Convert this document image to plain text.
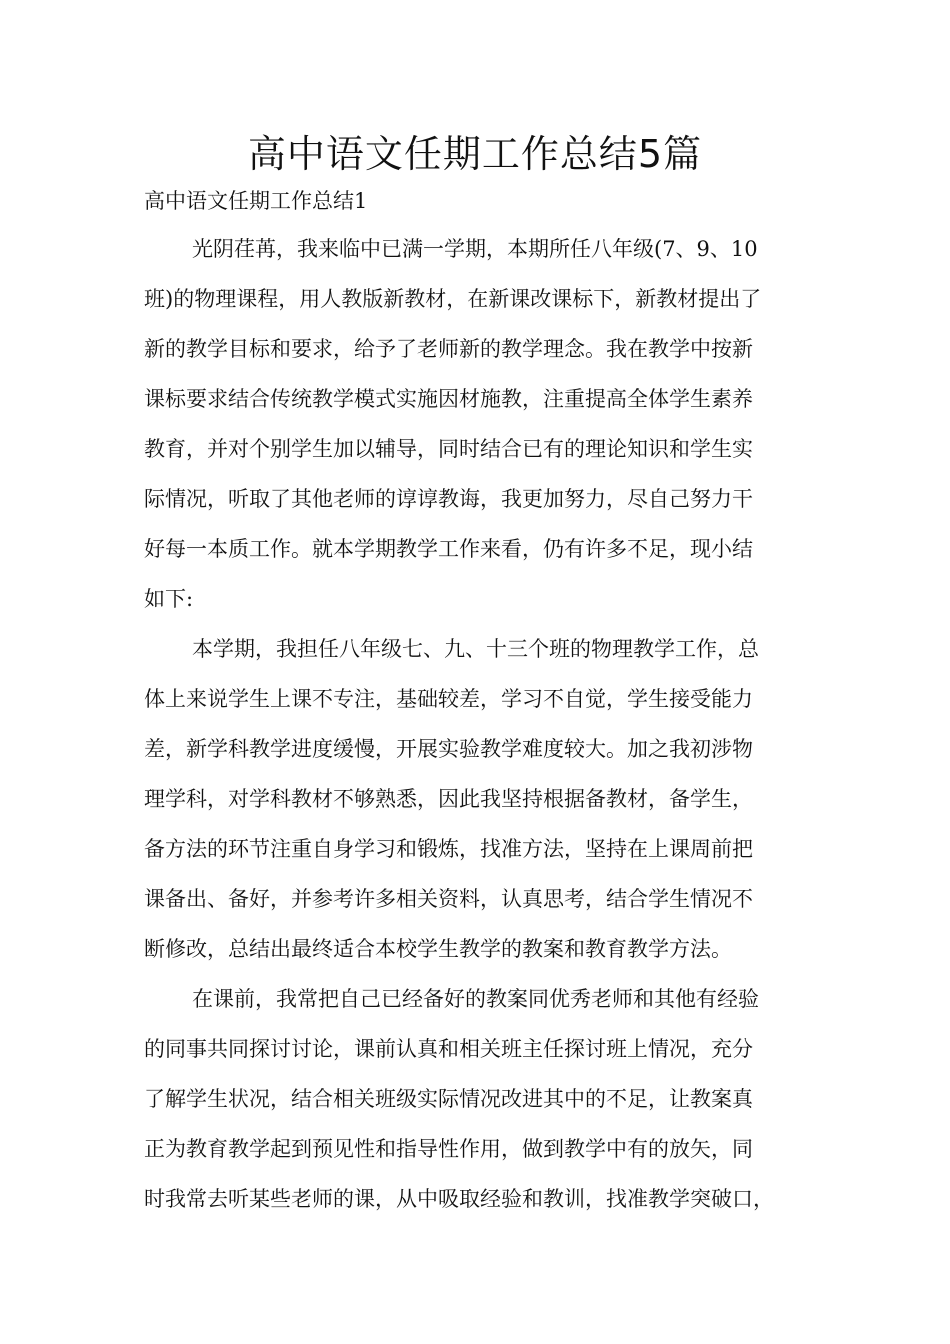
高中语文任期工作总结5篇
高中语文任期工作总结1
光阴荏苒，我来临中已满一学期，本期所任八年级(7、9、10
班)的物理课程，用人教版新教材，在新课改课标下，新教材提出了
新的教学目标和要求，给予了老师新的教学理念。我在教学中按新
课标要求结合传统教学模式实施因材施教，注重提高全体学生素养
教育，并对个别学生加以辅导，同时结合已有的理论知识和学生实
际情况，听取了其他老师的谆谆教诲，我更加努力，尽自己努力干
好每一本质工作。就本学期教学工作来看，仍有许多不足，现小结
如下:
本学期，我担任八年级七、九、十三个班的物理教学工作，总
体上来说学生上课不专注，基础较差，学习不自觉，学生接受能力
差，新学科教学进度缓慢，开展实验教学难度较大。加之我初涉物
理学科，对学科教材不够熟悉，因此我坚持根据备教材，备学生，
备方法的环节注重自身学习和锻炼，找准方法，坚持在上课周前把
课备出、备好，并参考许多相关资料，认真思考，结合学生情况不
断修改，总结出最终适合本校学生教学的教案和教育教学方法。
在课前，我常把自己已经备好的教案同优秀老师和其他有经验
的同事共同探讨讨论，课前认真和相关班主任探讨班上情况，充分
了解学生状况，结合相关班级实际情况改进其中的不足，让教案真
正为教育教学起到预见性和指导性作用，做到教学中有的放矢，同
时我常去听某些老师的课，从中吸取经验和教训，找准教学突破口，
